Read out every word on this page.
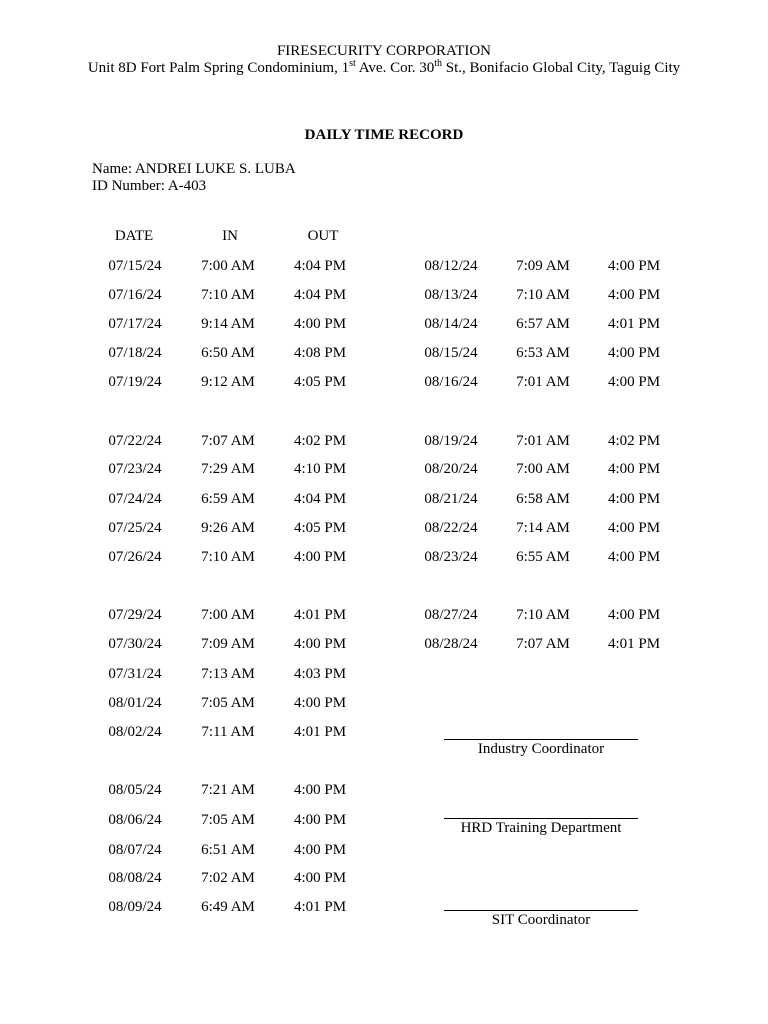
FIRESECURITY CORPORATION
Unit 8D Fort Palm Spring Condominium, 1st Ave. Cor. 30th St., Bonifacio Global City, Taguig City
DAILY TIME RECORD
Name: ANDREI LUKE S. LUBA
ID Number: A-403
DATE	IN	OUT
07/15/24	7:00 AM	4:04 PM
07/16/24	7:10 AM	4:04 PM
07/17/24	9:14 AM	4:00 PM
07/18/24	6:50 AM	4:08 PM
07/19/24	9:12 AM	4:05 PM
07/22/24	7:07 AM	4:02 PM
07/23/24	7:29 AM	4:10 PM
07/24/24	6:59 AM	4:04 PM
07/25/24	9:26 AM	4:05 PM
07/26/24	7:10 AM	4:00 PM
07/29/24	7:00 AM	4:01 PM
07/30/24	7:09 AM	4:00 PM
07/31/24	7:13 AM	4:03 PM
08/01/24	7:05 AM	4:00 PM
08/02/24	7:11 AM	4:01 PM
08/05/24	7:21 AM	4:00 PM
08/06/24	7:05 AM	4:00 PM
08/07/24	6:51 AM	4:00 PM
08/08/24	7:02 AM	4:00 PM
08/09/24	6:49 AM	4:01 PM
08/12/24	7:09 AM	4:00 PM
08/13/24	7:10 AM	4:00 PM
08/14/24	6:57 AM	4:01 PM
08/15/24	6:53 AM	4:00 PM
08/16/24	7:01 AM	4:00 PM
08/19/24	7:01 AM	4:02 PM
08/20/24	7:00 AM	4:00 PM
08/21/24	6:58 AM	4:00 PM
08/22/24	7:14 AM	4:00 PM
08/23/24	6:55 AM	4:00 PM
08/27/24	7:10 AM	4:00 PM
08/28/24	7:07 AM	4:01 PM
Industry Coordinator
HRD Training Department
SIT Coordinator
